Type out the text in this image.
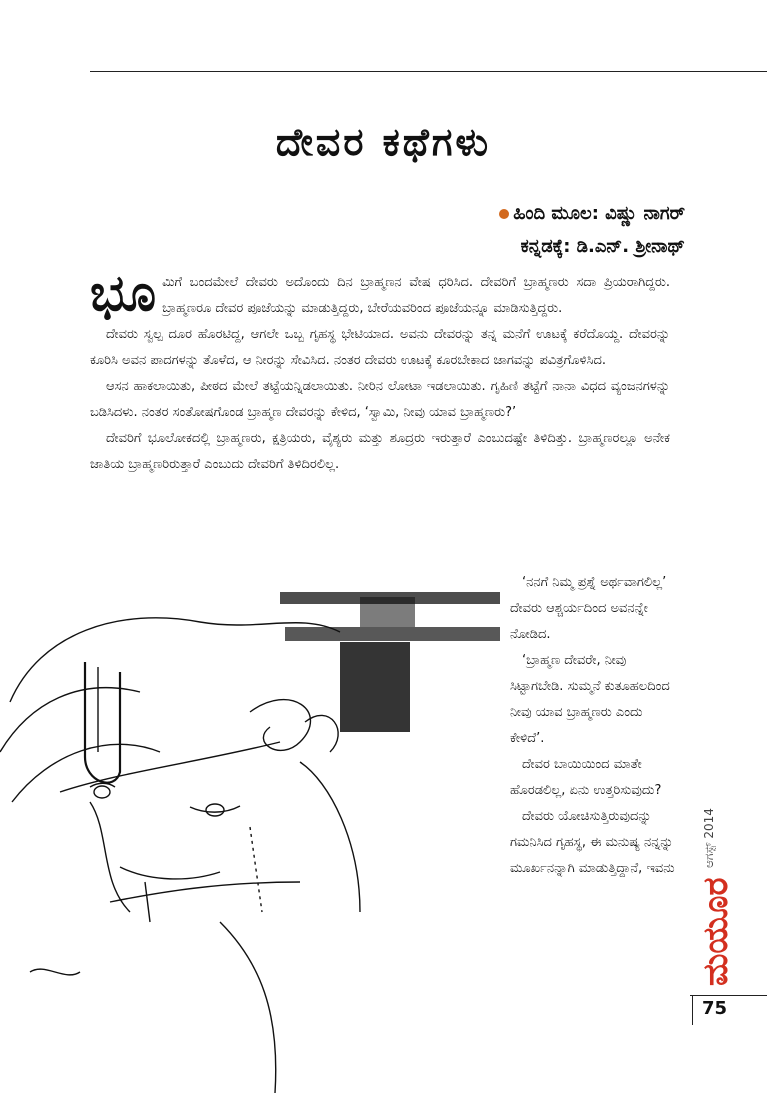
ದೇವರ ಕಥೆಗಳು
ಹಿಂದಿ ಮೂಲ: ವಿಷ್ಣು ನಾಗರ್
ಕನ್ನಡಕ್ಕೆ: ಡಿ.ಎನ್. ಶ್ರೀನಾಥ್

ಭೂಮಿಗೆ ಬಂದಮೇಲೆ ದೇವರು ಅದೊಂದು ದಿನ ಬ್ರಾಹ್ಮಣನ ವೇಷ ಧರಿಸಿದ. ದೇವರಿಗೆ ಬ್ರಾಹ್ಮಣರು ಸದಾ ಪ್ರಿಯರಾಗಿದ್ದರು. ಬ್ರಾಹ್ಮಣರೂ ದೇವರ ಪೂಜೆಯನ್ನು ಮಾಡುತ್ತಿದ್ದರು, ಬೇರೆಯವರಿಂದ ಪೂಜೆಯನ್ನೂ ಮಾಡಿಸುತ್ತಿದ್ದರು.

ದೇವರು ಸ್ವಲ್ಪ ದೂರ ಹೊರಟಿದ್ದ, ಆಗಲೇ ಒಬ್ಬ ಗೃಹಸ್ಥ ಭೇಟಿಯಾದ. ಅವನು ದೇವರನ್ನು ತನ್ನ ಮನೆಗೆ ಊಟಕ್ಕೆ ಕರೆದೊಯ್ದ. ದೇವರನ್ನು ಕೂರಿಸಿ ಅವನ ಪಾದಗಳನ್ನು ತೊಳೆದ, ಆ ನೀರನ್ನು ಸೇವಿಸಿದ. ನಂತರ ದೇವರು ಊಟಕ್ಕೆ ಕೂರಬೇಕಾದ ಜಾಗವನ್ನು ಪವಿತ್ರಗೊಳಿಸಿದ.

ಆಸನ ಹಾಕಲಾಯಿತು, ಪೀಠದ ಮೇಲೆ ತಟ್ಟೆಯನ್ನಿಡಲಾಯಿತು. ನೀರಿನ ಲೋಟಾ ಇಡಲಾಯಿತು. ಗೃಹಿಣಿ ತಟ್ಟೆಗೆ ನಾನಾ ವಿಧದ ವ್ಯಂಜನಗಳನ್ನು ಬಡಿಸಿದಳು. ನಂತರ ಸಂತೋಷಗೊಂಡ ಬ್ರಾಹ್ಮಣ ದೇವರನ್ನು ಕೇಳಿದ, ‘ಸ್ವಾಮಿ, ನೀವು ಯಾವ ಬ್ರಾಹ್ಮಣರು?’

ದೇವರಿಗೆ ಭೂಲೋಕದಲ್ಲಿ ಬ್ರಾಹ್ಮಣರು, ಕ್ಷತ್ರಿಯರು, ವೈಶ್ಯರು ಮತ್ತು ಶೂದ್ರರು ಇರುತ್ತಾರೆ ಎಂಬುದಷ್ಟೇ ತಿಳಿದಿತ್ತು. ಬ್ರಾಹ್ಮಣರಲ್ಲೂ ಅನೇಕ ಜಾತಿಯ ಬ್ರಾಹ್ಮಣರಿರುತ್ತಾರೆ ಎಂಬುದು ದೇವರಿಗೆ ತಿಳಿದಿರಲಿಲ್ಲ.

‘ನನಗೆ ನಿಮ್ಮ ಪ್ರಶ್ನೆ ಅರ್ಥವಾಗಲಿಲ್ಲ’ ದೇವರು ಆಶ್ಚರ್ಯದಿಂದ ಅವನನ್ನೇ ನೋಡಿದ.

‘ಬ್ರಾಹ್ಮಣ ದೇವರೇ, ನೀವು ಸಿಟ್ಟಾಗಬೇಡಿ. ಸುಮ್ಮನೆ ಕುತೂಹಲದಿಂದ ನೀವು ಯಾವ ಬ್ರಾಹ್ಮಣರು ಎಂದು ಕೇಳಿದೆ’.

ದೇವರ ಬಾಯಿಯಿಂದ ಮಾತೇ ಹೊರಡಲಿಲ್ಲ, ಏನು ಉತ್ತರಿಸುವುದು?

ದೇವರು ಯೋಚಿಸುತ್ತಿರುವುದನ್ನು ಗಮನಿಸಿದ ಗೃಹಸ್ಥ, ಈ ಮನುಷ್ಯ ನನ್ನನ್ನು ಮೂರ್ಖನನ್ನಾಗಿ ಮಾಡುತ್ತಿದ್ದಾನೆ, ಇವನು

ಆಗಸ್ಟ್ 2014
ಮಯೂರ
75
